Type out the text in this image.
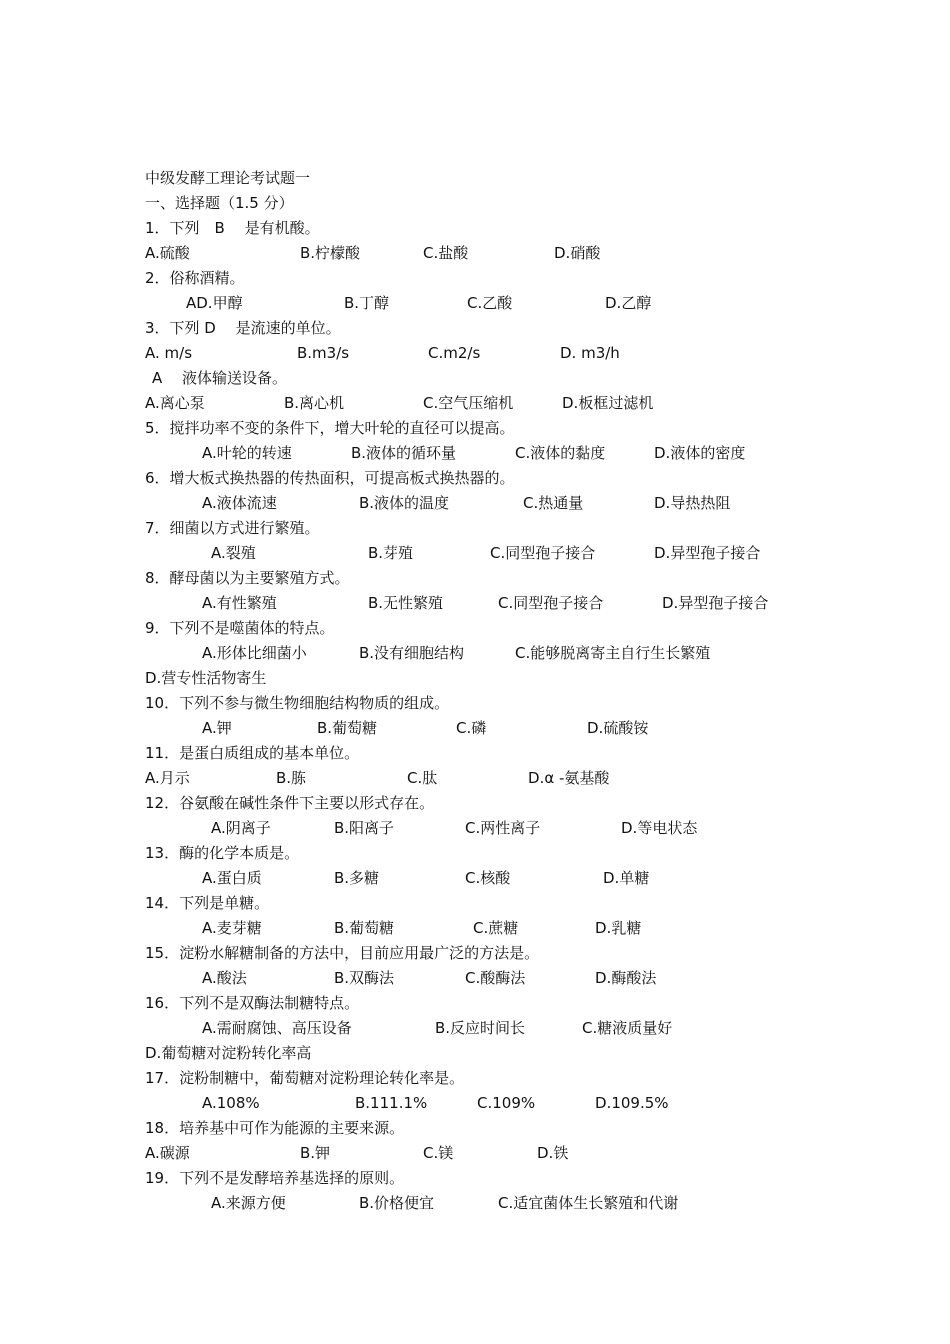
中级发酵工理论考试题一
一、选择题（1.5 分）
1．下列　B　 是有机酸。
A.硫酸	B.柠檬酸	C.盐酸	D.硝酸
2．俗称酒精。
AD.甲醇	B.丁醇	C.乙酸	D.乙醇
3．下列 D　 是流速的单位。
A. m/s	B.m3/s	C.m2/s	D. m3/h
A　 液体输送设备。
A.离心泵	B.离心机	C.空气压缩机	D.板框过滤机
5．搅拌功率不变的条件下，增大叶轮的直径可以提高。
A.叶轮的转速	B.液体的循环量	C.液体的黏度	D.液体的密度
6．增大板式换热器的传热面积，可提高板式换热器的。
A.液体流速	B.液体的温度	C.热通量	D.导热热阻
7．细菌以方式进行繁殖。
A.裂殖	B.芽殖	C.同型孢子接合	D.异型孢子接合
8．酵母菌以为主要繁殖方式。
A.有性繁殖	B.无性繁殖	C.同型孢子接合	D.异型孢子接合
9．下列不是噬菌体的特点。
A.形体比细菌小	B.没有细胞结构	C.能够脱离寄主自行生长繁殖
D.营专性活物寄生
10．下列不参与微生物细胞结构物质的组成。
A.钾	B.葡萄糖	C.磷	D.硫酸铵
11．是蛋白质组成的基本单位。
A.月示	B.胨	C.肽	D.α -氨基酸
12．谷氨酸在碱性条件下主要以形式存在。
A.阴离子	B.阳离子	C.两性离子	D.等电状态
13．酶的化学本质是。
A.蛋白质	B.多糖	C.核酸	D.单糖
14．下列是单糖。
A.麦芽糖	B.葡萄糖	C.蔗糖	D.乳糖
15．淀粉水解糖制备的方法中，目前应用最广泛的方法是。
A.酸法	B.双酶法	C.酸酶法	D.酶酸法
16．下列不是双酶法制糖特点。
A.需耐腐蚀、高压设备	B.反应时间长	C.糖液质量好
D.葡萄糖对淀粉转化率高
17．淀粉制糖中，葡萄糖对淀粉理论转化率是。
A.108%	B.111.1%	C.109%	D.109.5%
18．培养基中可作为能源的主要来源。
A.碳源	B.钾	C.镁	D.铁
19．下列不是发酵培养基选择的原则。
A.来源方便	B.价格便宜	C.适宜菌体生长繁殖和代谢
